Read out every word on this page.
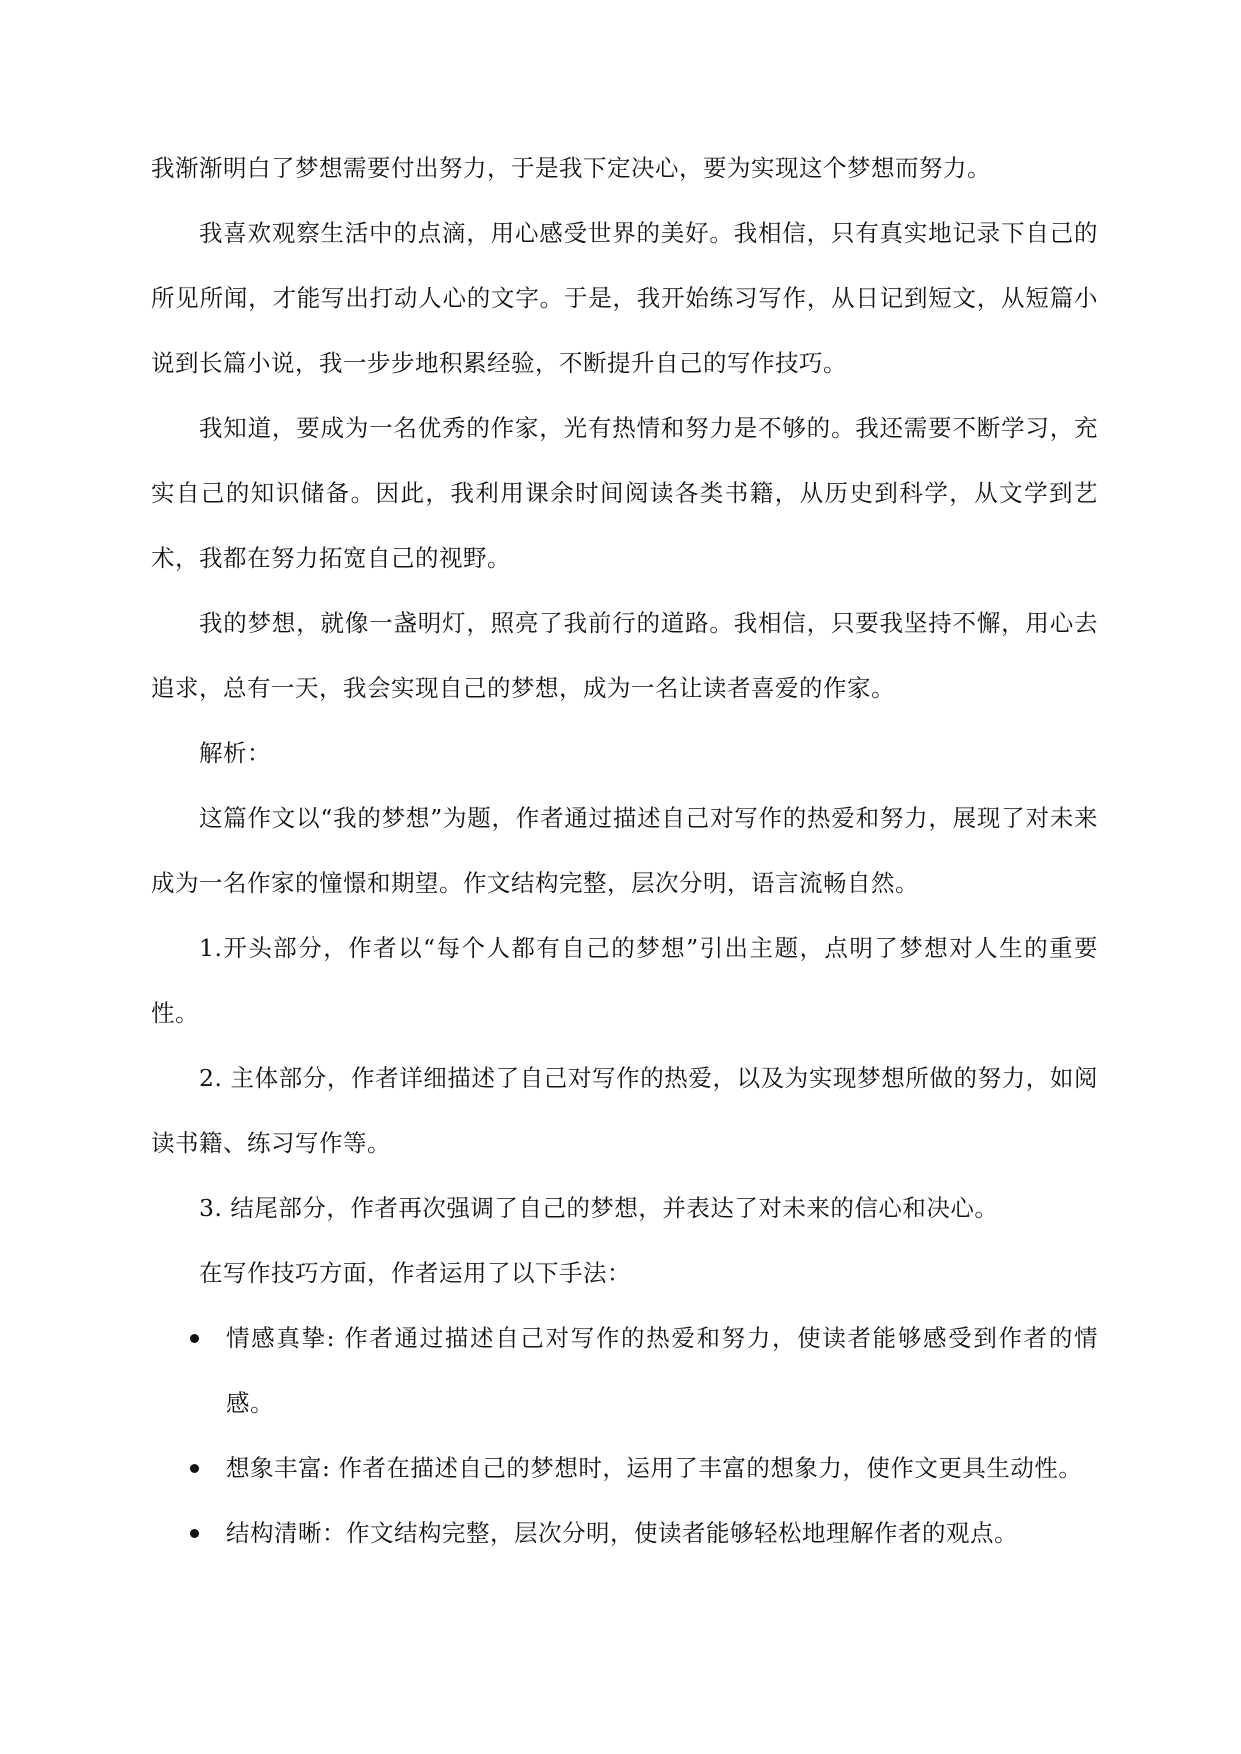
我渐渐明白了梦想需要付出努力，于是我下定决心，要为实现这个梦想而努力。

我喜欢观察生活中的点滴，用心感受世界的美好。我相信，只有真实地记录下自己的所见所闻，才能写出打动人心的文字。于是，我开始练习写作，从日记到短文，从短篇小说到长篇小说，我一步步地积累经验，不断提升自己的写作技巧。

我知道，要成为一名优秀的作家，光有热情和努力是不够的。我还需要不断学习，充实自己的知识储备。因此，我利用课余时间阅读各类书籍，从历史到科学，从文学到艺术，我都在努力拓宽自己的视野。

我的梦想，就像一盏明灯，照亮了我前行的道路。我相信，只要我坚持不懈，用心去追求，总有一天，我会实现自己的梦想，成为一名让读者喜爱的作家。

解析：

这篇作文以“我的梦想”为题，作者通过描述自己对写作的热爱和努力，展现了对未来成为一名作家的憧憬和期望。作文结构完整，层次分明，语言流畅自然。

1.开头部分，作者以“每个人都有自己的梦想”引出主题，点明了梦想对人生的重要性。

2. 主体部分，作者详细描述了自己对写作的热爱，以及为实现梦想所做的努力，如阅读书籍、练习写作等。

3. 结尾部分，作者再次强调了自己的梦想，并表达了对未来的信心和决心。

在写作技巧方面，作者运用了以下手法：

情感真挚: 作者通过描述自己对写作的热爱和努力，使读者能够感受到作者的情感。
想象丰富: 作者在描述自己的梦想时，运用了丰富的想象力，使作文更具生动性。
结构清晰：作文结构完整，层次分明，使读者能够轻松地理解作者的观点。
